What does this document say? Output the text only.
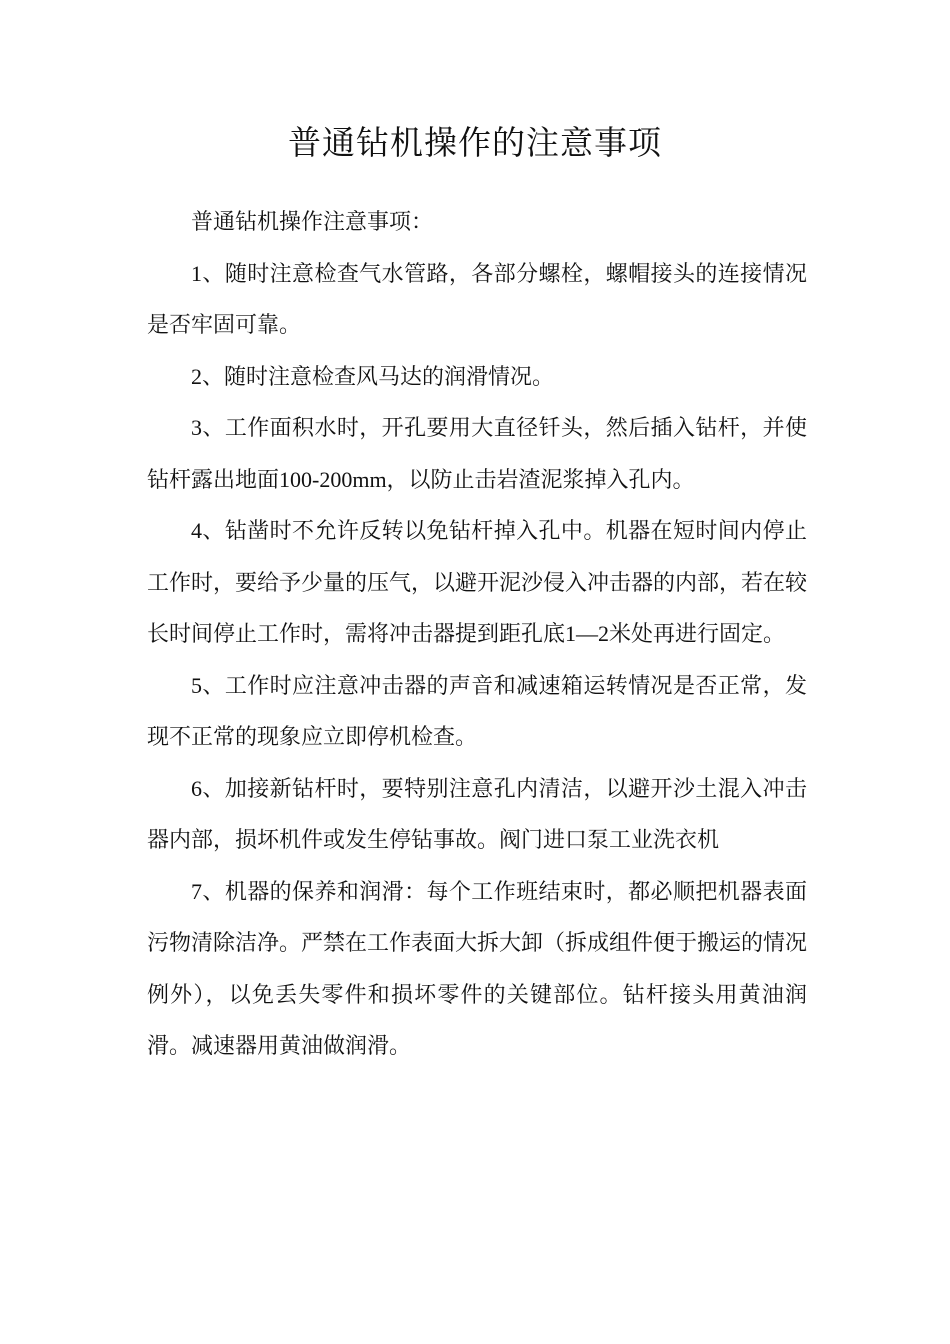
普通钻机操作的注意事项

普通钻机操作注意事项：

1、随时注意检查气水管路，各部分螺栓，螺帽接头的连接情况是否牢固可靠。

2、随时注意检查风马达的润滑情况。

3、工作面积水时，开孔要用大直径钎头，然后插入钻杆，并使钻杆露出地面100-200mm，以防止击岩渣泥浆掉入孔内。

4、钻凿时不允许反转以免钻杆掉入孔中。机器在短时间内停止工作时，要给予少量的压气，以避开泥沙侵入冲击器的内部，若在较长时间停止工作时，需将冲击器提到距孔底1—2米处再进行固定。

5、工作时应注意冲击器的声音和减速箱运转情况是否正常，发现不正常的现象应立即停机检查。

6、加接新钻杆时，要特别注意孔内清洁，以避开沙土混入冲击器内部，损坏机件或发生停钻事故。阀门进口泵工业洗衣机

7、机器的保养和润滑：每个工作班结束时，都必顺把机器表面污物清除洁净。严禁在工作表面大拆大卸（拆成组件便于搬运的情况例外），以免丢失零件和损坏零件的关键部位。钻杆接头用黄油润滑。减速器用黄油做润滑。
